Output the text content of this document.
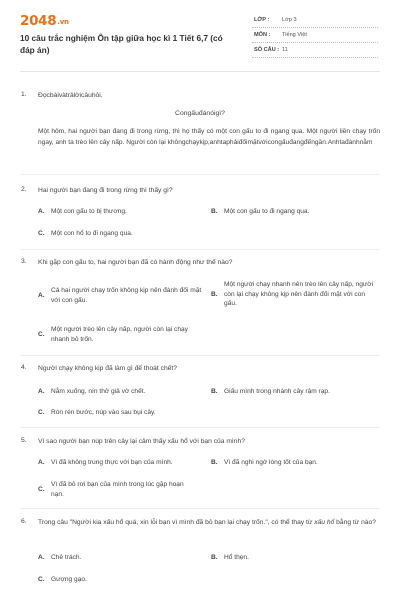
2048.vn
10 câu trắc nghiệm Ôn tập giữa học kì 1 Tiết 6,7 (có đáp án)
LỚP : Lớp 3
MÔN : Tiếng Việt
SỐ CÂU : 11
1. Đọcbàivàtrảlờicâuhỏi.
Congấuđánóigì?
Một hôm, hai người bạn đang đi trong rừng, thì họ thấy có một con gấu to đi ngang qua. Một người liền chạy trốn ngay, anh ta trèo lên cây nấp. Người còn lại khôngchạykịp,anhtaphảiđốimặtvớicongấuđangđếngần.Anhtađánhnằm
2. Hai người bạn đang đi trong rừng thì thấy gì?
A. Một con gấu to bị thương.	B. Một con gấu to đi ngang qua.
C. Một con hổ to đi ngang qua.
3. Khi gặp con gấu to, hai người bạn đã có hành động như thế nào?
A.
Cả hai người chạy trốn không kịp nên đành đối mặt với con gấu.
B.
Một người chạy nhanh nên trèo lên cây nấp, người còn lại chạy không kịp nên đành đối mặt với con gấu.
C.
Một người trèo lên cây nấp, người còn lại chạy nhanh bỏ trốn.
4. Người chạy không kịp đã làm gì để thoát chết?
A. Nằm xuống, nín thở giả vờ chết.	B. Giấu mình trong nhánh cây rậm rạp.
C. Rón rén bước, núp vào sau bụi cây.
5. Vì sao người bạn núp trên cây lại cảm thấy xấu hổ với bạn của mình?
A. Vì đã không trung thực với bạn của mình.	B. Vì đã nghi ngờ lòng tốt của bạn.
C.
Vì đã bỏ rơi bạn của mình trong lúc gặp hoạn nạn.
6. Trong câu "Người kia xấu hổ quá, xin lỗi bạn vì mình đã bỏ bạn lại chạy trốn.", có thể thay từ xấu hổ bằng từ nào?
A. Chê trách.	B. Hổ thẹn.
C. Gượng gạo.
